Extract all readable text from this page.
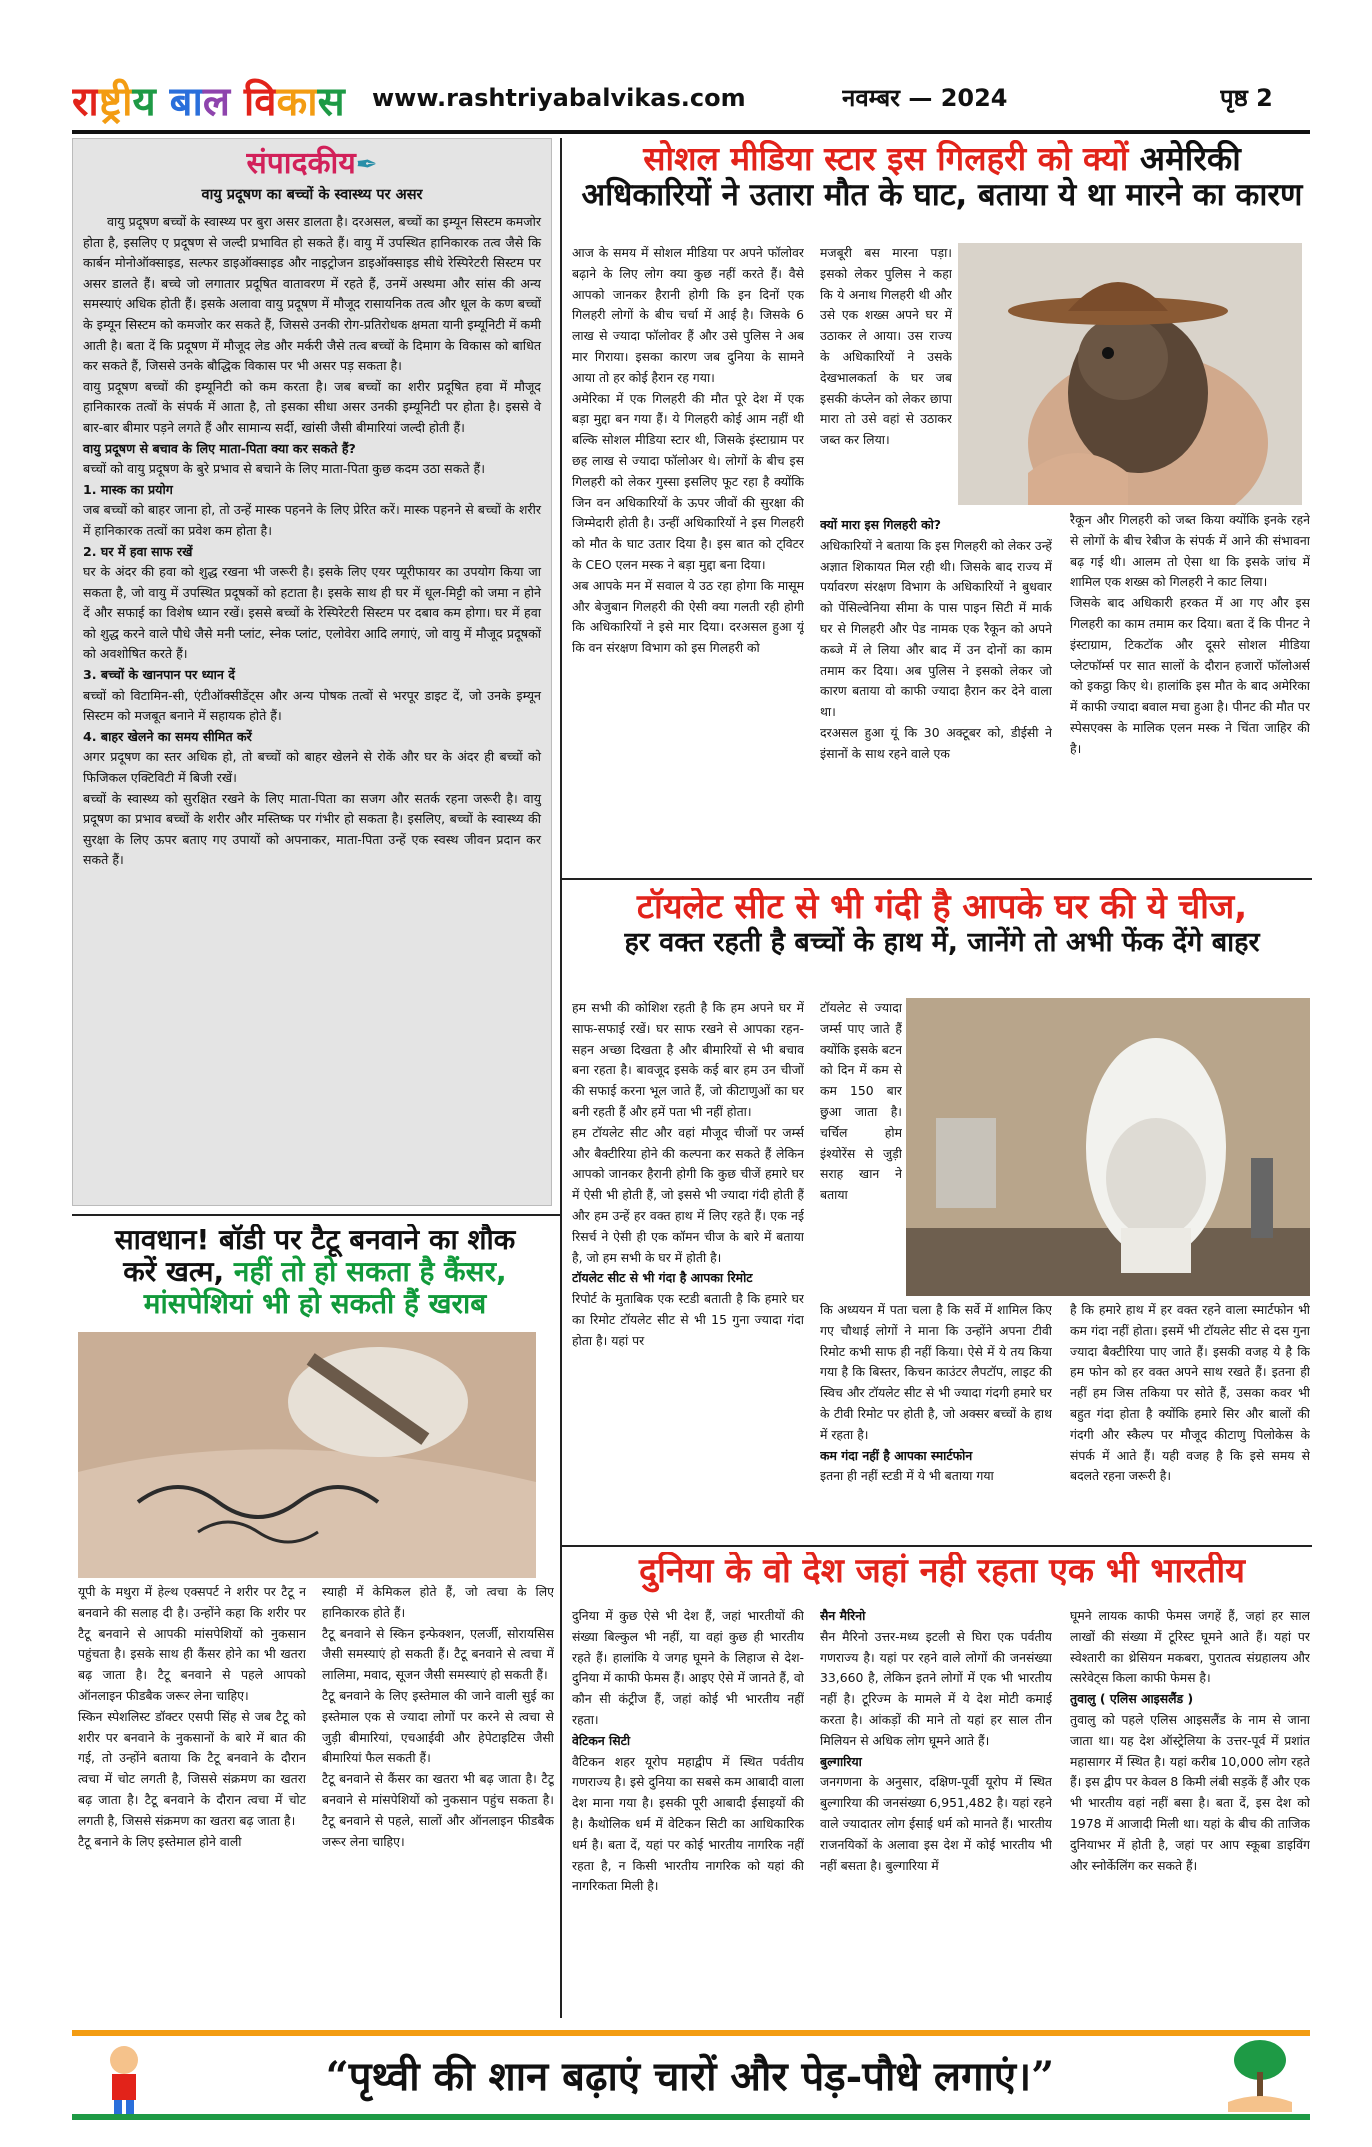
राष्ट्रीय बाल विकास	www.rashtriyabalvikas.com	नवम्बर — 2024	पृष्ठ 2
संपादकीय✒
वायु प्रदूषण का बच्चों के स्वास्थ्य पर असर

वायु प्रदूषण बच्चों के स्वास्थ्य पर बुरा असर डालता है। दरअसल, बच्चों का इम्यून सिस्टम कमजोर होता है, इसलिए ए प्रदूषण से जल्दी प्रभावित हो सकते हैं। वायु में उपस्थित हानिकारक तत्व जैसे कि कार्बन मोनोऑक्साइड, सल्फर डाइऑक्साइड और नाइट्रोजन डाइऑक्साइड सीधे रेस्पिरेटरी सिस्टम पर असर डालते हैं। बच्चे जो लगातार प्रदूषित वातावरण में रहते हैं, उनमें अस्थमा और सांस की अन्य समस्याएं अधिक होती हैं। इसके अलावा वायु प्रदूषण में मौजूद रासायनिक तत्व और धूल के कण बच्चों के इम्यून सिस्टम को कमजोर कर सकते हैं, जिससे उनकी रोग-प्रतिरोधक क्षमता यानी इम्यूनिटी में कमी आती है। बता दें कि प्रदूषण में मौजूद लेड और मर्करी जैसे तत्व बच्चों के दिमाग के विकास को बाधित कर सकते हैं, जिससे उनके बौद्धिक विकास पर भी असर पड़ सकता है।

वायु प्रदूषण बच्चों की इम्यूनिटी को कम करता है। जब बच्चों का शरीर प्रदूषित हवा में मौजूद हानिकारक तत्वों के संपर्क में आता है, तो इसका सीधा असर उनकी इम्यूनिटी पर होता है। इससे वे बार-बार बीमार पड़ने लगते हैं और सामान्य सर्दी, खांसी जैसी बीमारियां जल्दी होती हैं।

वायु प्रदूषण से बचाव के लिए माता-पिता क्या कर सकते हैं?

बच्चों को वायु प्रदूषण के बुरे प्रभाव से बचाने के लिए माता-पिता कुछ कदम उठा सकते हैं।

1. मास्क का प्रयोग

जब बच्चों को बाहर जाना हो, तो उन्हें मास्क पहनने के लिए प्रेरित करें। मास्क पहनने से बच्चों के शरीर में हानिकारक तत्वों का प्रवेश कम होता है।

2. घर में हवा साफ रखें

घर के अंदर की हवा को शुद्ध रखना भी जरूरी है। इसके लिए एयर प्यूरीफायर का उपयोग किया जा सकता है, जो वायु में उपस्थित प्रदूषकों को हटाता है। इसके साथ ही घर में धूल-मिट्टी को जमा न होने दें और सफाई का विशेष ध्यान रखें। इससे बच्चों के रेस्पिरेटरी सिस्टम पर दबाव कम होगा। घर में हवा को शुद्ध करने वाले पौधे जैसे मनी प्लांट, स्नेक प्लांट, एलोवेरा आदि लगाएं, जो वायु में मौजूद प्रदूषकों को अवशोषित करते हैं।

3. बच्चों के खानपान पर ध्यान दें

बच्चों को विटामिन-सी, एंटीऑक्सीडेंट्स और अन्य पोषक तत्वों से भरपूर डाइट दें, जो उनके इम्यून सिस्टम को मजबूत बनाने में सहायक होते हैं।

4. बाहर खेलने का समय सीमित करें

अगर प्रदूषण का स्तर अधिक हो, तो बच्चों को बाहर खेलने से रोकें और घर के अंदर ही बच्चों को फिजिकल एक्टिविटी में बिजी रखें।

बच्चों के स्वास्थ्य को सुरक्षित रखने के लिए माता-पिता का सजग और सतर्क रहना जरूरी है। वायु प्रदूषण का प्रभाव बच्चों के शरीर और मस्तिष्क पर गंभीर हो सकता है। इसलिए, बच्चों के स्वास्थ्य की सुरक्षा के लिए ऊपर बताए गए उपायों को अपनाकर, माता-पिता उन्हें एक स्वस्थ जीवन प्रदान कर सकते हैं।

सोशल मीडिया स्टार इस गिलहरी को क्यों अमेरिकी
अधिकारियों ने उतारा मौत के घाट, बताया ये था मारने का कारण

आज के समय में सोशल मीडिया पर अपने फॉलोवर बढ़ाने के लिए लोग क्या कुछ नहीं करते हैं। वैसे आपको जानकर हैरानी होगी कि इन दिनों एक गिलहरी लोगों के बीच चर्चा में आई है। जिसके 6 लाख से ज्यादा फॉलोवर हैं और उसे पुलिस ने अब मार गिराया। इसका कारण जब दुनिया के सामने आया तो हर कोई हैरान रह गया।

अमेरिका में एक गिलहरी की मौत पूरे देश में एक बड़ा मुद्दा बन गया हैं। ये गिलहरी कोई आम नहीं थी बल्कि सोशल मीडिया स्टार थी, जिसके इंस्टाग्राम पर छह लाख से ज्यादा फॉलोअर थे। लोगों के बीच इस गिलहरी को लेकर गुस्सा इसलिए फूट रहा है क्योंकि जिन वन अधिकारियों के ऊपर जीवों की सुरक्षा की जिम्मेदारी होती है। उन्हीं अधिकारियों ने इस गिलहरी को मौत के घाट उतार दिया है। इस बात को ट्विटर के CEO एलन मस्क ने बड़ा मुद्दा बना दिया।

अब आपके मन में सवाल ये उठ रहा होगा कि मासूम और बेजुबान गिलहरी की ऐसी क्या गलती रही होगी कि अधिकारियों ने इसे मार दिया। दरअसल हुआ यूं कि वन संरक्षण विभाग को इस गिलहरी को

मजबूरी बस मारना पड़ा। इसको लेकर पुलिस ने कहा कि ये अनाथ गिलहरी थी और उसे एक शख्स अपने घर में उठाकर ले आया। उस राज्य के अधिकारियों ने उसके देखभालकर्ता के घर जब इसकी कंप्लेन को लेकर छापा मारा तो उसे वहां से उठाकर जब्त कर लिया।

क्यों मारा इस गिलहरी को?

अधिकारियों ने बताया कि इस गिलहरी को लेकर उन्हें अज्ञात शिकायत मिल रही थी। जिसके बाद राज्य में पर्यावरण संरक्षण विभाग के अधिकारियों ने बुधवार को पेंसिल्वेनिया सीमा के पास पाइन सिटी में मार्क घर से गिलहरी और पेड नामक एक रैकून को अपने कब्जे में ले लिया और बाद में उन दोनों का काम तमाम कर दिया। अब पुलिस ने इसको लेकर जो कारण बताया वो काफी ज्यादा हैरान कर देने वाला था।

दरअसल हुआ यूं कि 30 अक्टूबर को, डीईसी ने इंसानों के साथ रहने वाले एक

रैकून और गिलहरी को जब्त किया क्योंकि इनके रहने से लोगों के बीच रेबीज के संपर्क में आने की संभावना बढ़ गई थी। आलम तो ऐसा था कि इसके जांच में शामिल एक शख्स को गिलहरी ने काट लिया।

जिसके बाद अधिकारी हरकत में आ गए और इस गिलहरी का काम तमाम कर दिया। बता दें कि पीनट ने इंस्टाग्राम, टिकटॉक और दूसरे सोशल मीडिया प्लेटफॉर्म्स पर सात सालों के दौरान हजारों फॉलोअर्स को इकट्ठा किए थे। हालांकि इस मौत के बाद अमेरिका में काफी ज्यादा बवाल मचा हुआ है। पीनट की मौत पर स्पेसएक्स के मालिक एलन मस्क ने चिंता जाहिर की है।

टॉयलेट सीट से भी गंदी है आपके घर की ये चीज,
हर वक्त रहती है बच्चों के हाथ में, जानेंगे तो अभी फेंक देंगे बाहर

हम सभी की कोशिश रहती है कि हम अपने घर में साफ-सफाई रखें। घर साफ रखने से आपका रहन-सहन अच्छा दिखता है और बीमारियों से भी बचाव बना रहता है। बावजूद इसके कई बार हम उन चीजों की सफाई करना भूल जाते हैं, जो कीटाणुओं का घर बनी रहती हैं और हमें पता भी नहीं होता।

हम टॉयलेट सीट और वहां मौजूद चीजों पर जर्म्स और बैक्टीरिया होने की कल्पना कर सकते हैं लेकिन आपको जानकर हैरानी होगी कि कुछ चीजें हमारे घर में ऐसी भी होती हैं, जो इससे भी ज्यादा गंदी होती हैं और हम उन्हें हर वक्त हाथ में लिए रहते हैं। एक नई रिसर्च ने ऐसी ही एक कॉमन चीज के बारे में बताया है, जो हम सभी के घर में होती है।

टॉयलेट सीट से भी गंदा है आपका रिमोट

रिपोर्ट के मुताबिक एक स्टडी बताती है कि हमारे घर का रिमोट टॉयलेट सीट से भी 15 गुना ज्यादा गंदा होता है। यहां पर

टॉयलेट से ज्यादा जर्म्स पाए जाते हैं क्योंकि इसके बटन को दिन में कम से कम 150 बार छुआ जाता है। चर्चिल होम इंश्योरेंस से जुड़ी सराह खान ने बताया

कि अध्ययन में पता चला है कि सर्वे में शामिल किए गए चौथाई लोगों ने माना कि उन्होंने अपना टीवी रिमोट कभी साफ ही नहीं किया। ऐसे में ये तय किया गया है कि बिस्तर, किचन काउंटर लैपटॉप, लाइट की स्विच और टॉयलेट सीट से भी ज्यादा गंदगी हमारे घर के टीवी रिमोट पर होती है, जो अक्सर बच्चों के हाथ में रहता है।

कम गंदा नहीं है आपका स्मार्टफोन

इतना ही नहीं स्टडी में ये भी बताया गया

है कि हमारे हाथ में हर वक्त रहने वाला स्मार्टफोन भी कम गंदा नहीं होता। इसमें भी टॉयलेट सीट से दस गुना ज्यादा बैक्टीरिया पाए जाते हैं। इसकी वजह ये है कि हम फोन को हर वक्त अपने साथ रखते हैं। इतना ही नहीं हम जिस तकिया पर सोते हैं, उसका कवर भी बहुत गंदा होता है क्योंकि हमारे सिर और बालों की गंदगी और स्कैल्प पर मौजूद कीटाणु पिलोकेस के संपर्क में आते हैं। यही वजह है कि इसे समय से बदलते रहना जरूरी है।

सावधान! बॉडी पर टैटू बनवाने का शौक
करें खत्म, नहीं तो हो सकता है कैंसर,
मांसपेशियां भी हो सकती हैं खराब

यूपी के मथुरा में हेल्थ एक्सपर्ट ने शरीर पर टैटू न बनवाने की सलाह दी है। उन्होंने कहा कि शरीर पर टैटू बनवाने से आपकी मांसपेशियों को नुकसान पहुंचता है। इसके साथ ही कैंसर होने का भी खतरा बढ़ जाता है। टैटू बनवाने से पहले आपको ऑनलाइन फीडबैक जरूर लेना चाहिए।

स्किन स्पेशलिस्ट डॉक्टर एसपी सिंह से जब टैटू को शरीर पर बनवाने के नुकसानों के बारे में बात की गई, तो उन्होंने बताया कि टैटू बनवाने के दौरान त्वचा में चोट लगती है, जिससे संक्रमण का खतरा बढ़ जाता है। टैटू बनवाने के दौरान त्वचा में चोट लगती है, जिससे संक्रमण का खतरा बढ़ जाता है।

टैटू बनाने के लिए इस्तेमाल होने वाली

स्याही में केमिकल होते हैं, जो त्वचा के लिए हानिकारक होते हैं।

टैटू बनवाने से स्किन इन्फेक्शन, एलर्जी, सोरायसिस जैसी समस्याएं हो सकती हैं। टैटू बनवाने से त्वचा में लालिमा, मवाद, सूजन जैसी समस्याएं हो सकती हैं।

टैटू बनवाने के लिए इस्तेमाल की जाने वाली सुई का इस्तेमाल एक से ज्यादा लोगों पर करने से त्वचा से जुड़ी बीमारियां, एचआईवी और हेपेटाइटिस जैसी बीमारियां फैल सकती हैं।

टैटू बनवाने से कैंसर का खतरा भी बढ़ जाता है। टैटू बनवाने से मांसपेशियों को नुकसान पहुंच सकता है। टैटू बनवाने से पहले, सालों और ऑनलाइन फीडबैक जरूर लेना चाहिए।

दुनिया के वो देश जहां नही रहता एक भी भारतीय

दुनिया में कुछ ऐसे भी देश हैं, जहां भारतीयों की संख्या बिल्कुल भी नहीं, या वहां कुछ ही भारतीय रहते हैं। हालांकि ये जगह घूमने के लिहाज से देश-दुनिया में काफी फेमस हैं। आइए ऐसे में जानते हैं, वो कौन सी कंट्रीज हैं, जहां कोई भी भारतीय नहीं रहता।

वेटिकन सिटी

वैटिकन शहर यूरोप महाद्वीप में स्थित पर्वतीय गणराज्य है। इसे दुनिया का सबसे कम आबादी वाला देश माना गया है। इसकी पूरी आबादी ईसाइयों की है। कैथोलिक धर्म में वेटिकन सिटी का आधिकारिक धर्म है। बता दें, यहां पर कोई भारतीय नागरिक नहीं रहता है, न किसी भारतीय नागरिक को यहां की नागरिकता मिली है।

सैन मैरिनो

सैन मैरिनो उत्तर-मध्य इटली से घिरा एक पर्वतीय गणराज्य है। यहां पर रहने वाले लोगों की जनसंख्या 33,660 है, लेकिन इतने लोगों में एक भी भारतीय नहीं है। टूरिज्म के मामले में ये देश मोटी कमाई करता है। आंकड़ों की माने तो यहां हर साल तीन मिलियन से अधिक लोग घूमने आते हैं।

बुल्गारिया

जनगणना के अनुसार, दक्षिण-पूर्वी यूरोप में स्थित बुल्गारिया की जनसंख्या 6,951,482 है। यहां रहने वाले ज्यादातर लोग ईसाई धर्म को मानते हैं। भारतीय राजनयिकों के अलावा इस देश में कोई भारतीय भी नहीं बसता है। बुल्गारिया में

घूमने लायक काफी फेमस जगहें हैं, जहां हर साल लाखों की संख्या में टूरिस्ट घूमने आते हैं। यहां पर स्वेश्तारी का थ्रेसियन मकबरा, पुरातत्व संग्रहालय और त्सरेवेट्स किला काफी फेमस है।

तुवालु ( एलिस आइसलैंड )

तुवालु को पहले एलिस आइसलैंड के नाम से जाना जाता था। यह देश ऑस्ट्रेलिया के उत्तर-पूर्व में प्रशांत महासागर में स्थित है। यहां करीब 10,000 लोग रहते हैं। इस द्वीप पर केवल 8 किमी लंबी सड़कें हैं और एक भी भारतीय वहां नहीं बसा है। बता दें, इस देश को 1978 में आजादी मिली था। यहां के बीच की ताजिक दुनियाभर में होती है, जहां पर आप स्कूबा डाइविंग और स्नोर्केलिंग कर सकते हैं।

“पृथ्वी की शान बढ़ाएं चारों और पेड़-पौधे लगाएं।”
